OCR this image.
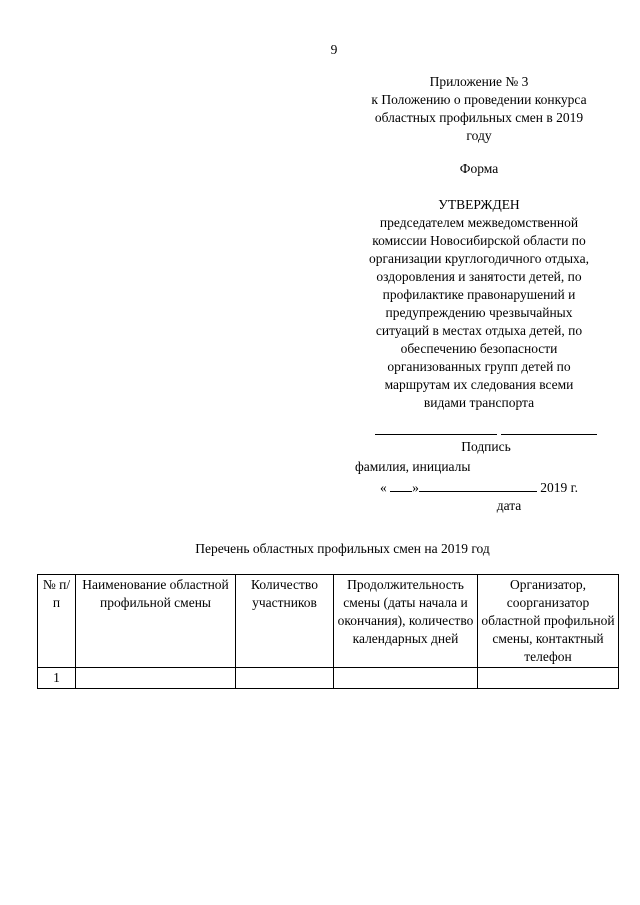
9
Приложение № 3
к Положению о проведении конкурса
областных профильных смен в 2019
году
Форма
УТВЕРЖДЕН
председателем межведомственной
комиссии Новосибирской области по
организации круглогодичного отдыха,
оздоровления и занятости детей, по
профилактике правонарушений и
предупреждению чрезвычайных
ситуаций в местах отдыха детей, по
обеспечению безопасности
организованных групп детей по
маршрутам их следования всеми
видами транспорта
Подпись
фамилия, инициалы
« »	2019 г.
дата
Перечень областных профильных смен на 2019 год
№ п/п	Наименование областной профильной смены	Количество участников	Продолжительность смены (даты начала и окончания), количество календарных дней	Организатор, соорганизатор областной профильной смены, контактный телефон
1				
